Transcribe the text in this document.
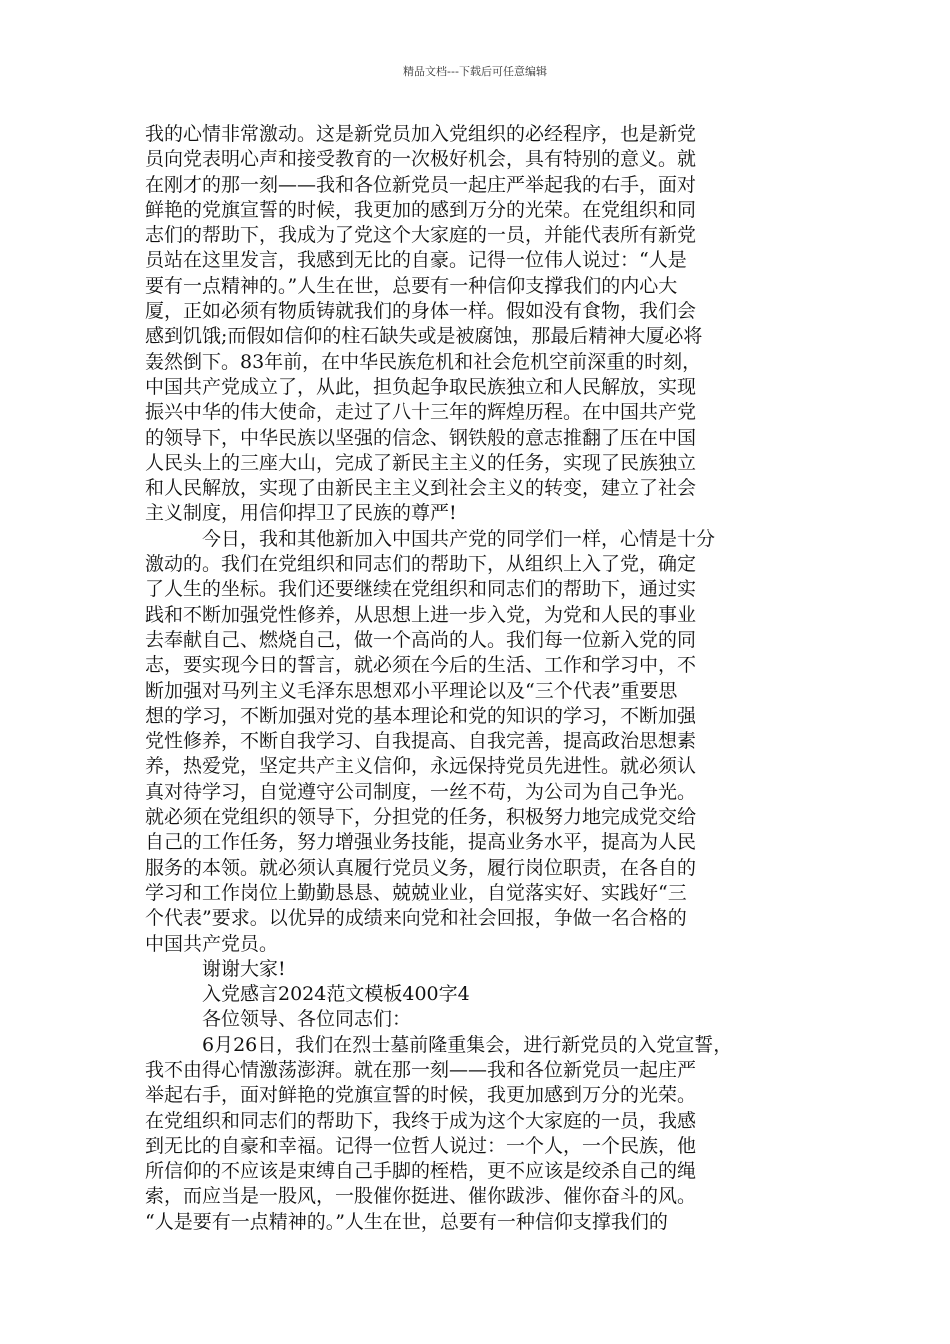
精品文档---下载后可任意编辑
我的心情非常激动。这是新党员加入党组织的必经程序，也是新党
员向党表明心声和接受教育的一次极好机会，具有特别的意义。就
在刚才的那一刻——我和各位新党员一起庄严举起我的右手，面对
鲜艳的党旗宣誓的时候，我更加的感到万分的光荣。在党组织和同
志们的帮助下，我成为了党这个大家庭的一员，并能代表所有新党
员站在这里发言，我感到无比的自豪。记得一位伟人说过：“人是
要有一点精神的。”人生在世，总要有一种信仰支撑我们的内心大
厦，正如必须有物质铸就我们的身体一样。假如没有食物，我们会
感到饥饿;而假如信仰的柱石缺失或是被腐蚀，那最后精神大厦必将
轰然倒下。83年前，在中华民族危机和社会危机空前深重的时刻，
中国共产党成立了，从此，担负起争取民族独立和人民解放，实现
振兴中华的伟大使命，走过了八十三年的辉煌历程。在中国共产党
的领导下，中华民族以坚强的信念、钢铁般的意志推翻了压在中国
人民头上的三座大山，完成了新民主主义的任务，实现了民族独立
和人民解放，实现了由新民主主义到社会主义的转变，建立了社会
主义制度，用信仰捍卫了民族的尊严!
今日，我和其他新加入中国共产党的同学们一样，心情是十分
激动的。我们在党组织和同志们的帮助下，从组织上入了党，确定
了人生的坐标。我们还要继续在党组织和同志们的帮助下，通过实
践和不断加强党性修养，从思想上进一步入党，为党和人民的事业
去奉献自己、燃烧自己，做一个高尚的人。我们每一位新入党的同
志，要实现今日的誓言，就必须在今后的生活、工作和学习中，不
断加强对马列主义毛泽东思想邓小平理论以及“三个代表”重要思
想的学习，不断加强对党的基本理论和党的知识的学习，不断加强
党性修养，不断自我学习、自我提高、自我完善，提高政治思想素
养，热爱党，坚定共产主义信仰，永远保持党员先进性。就必须认
真对待学习，自觉遵守公司制度，一丝不苟，为公司为自己争光。
就必须在党组织的领导下，分担党的任务，积极努力地完成党交给
自己的工作任务，努力增强业务技能，提高业务水平，提高为人民
服务的本领。就必须认真履行党员义务，履行岗位职责，在各自的
学习和工作岗位上勤勤恳恳、兢兢业业，自觉落实好、实践好“三
个代表”要求。以优异的成绩来向党和社会回报，争做一名合格的
中国共产党员。
谢谢大家!
入党感言2024范文模板400字4
各位领导、各位同志们：
6月26日，我们在烈士墓前隆重集会，进行新党员的入党宣誓，
我不由得心情激荡澎湃。就在那一刻——我和各位新党员一起庄严
举起右手，面对鲜艳的党旗宣誓的时候，我更加感到万分的光荣。
在党组织和同志们的帮助下，我终于成为这个大家庭的一员，我感
到无比的自豪和幸福。记得一位哲人说过：一个人，一个民族，他
所信仰的不应该是束缚自己手脚的桎梏，更不应该是绞杀自己的绳
索，而应当是一股风，一股催你挺进、催你跋涉、催你奋斗的风。
“人是要有一点精神的。”人生在世，总要有一种信仰支撑我们的
